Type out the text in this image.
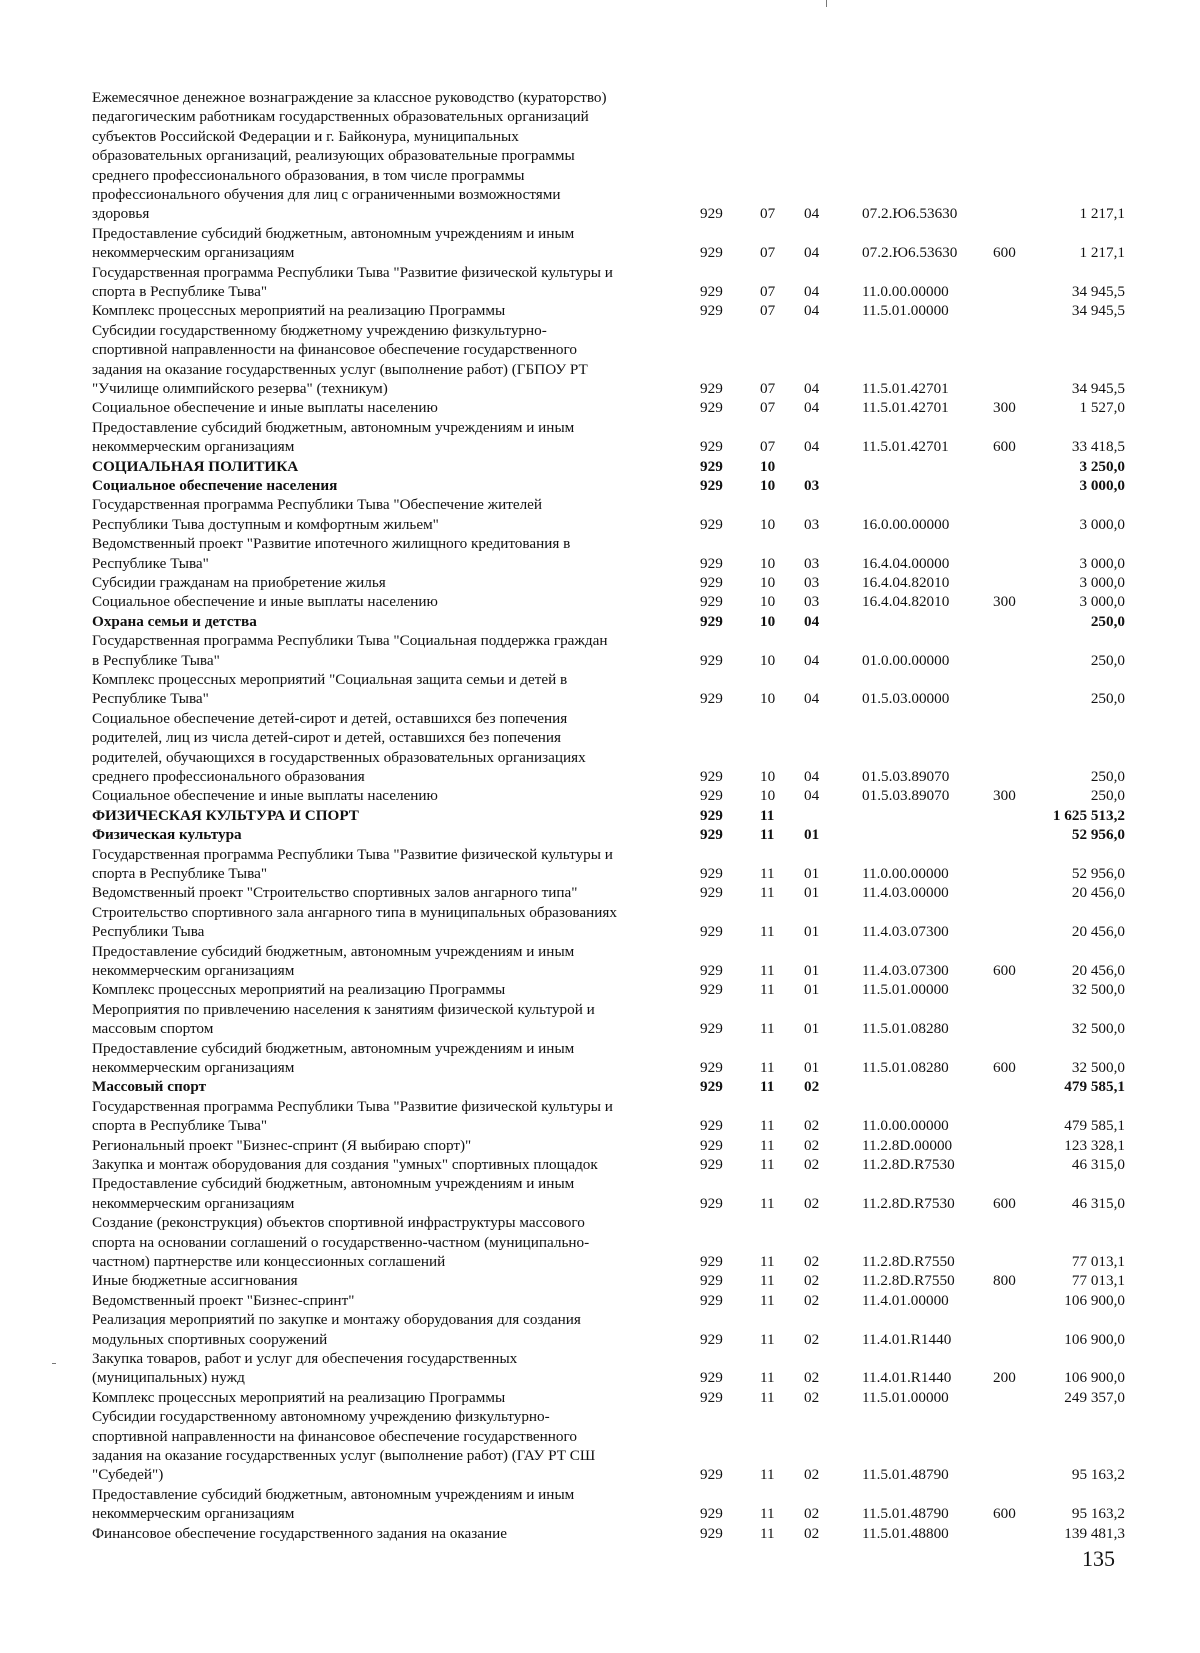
Ежемесячное денежное вознаграждение за классное руководство (кураторство)
педагогическим работникам государственных образовательных организаций
субъектов Российской Федерации и г. Байконура, муниципальных
образовательных организаций, реализующих образовательные программы
среднего профессионального образования, в том числе программы
профессионального обучения для лиц с ограниченными возможностями
здоровья	929 07 04	07.2.Ю6.53630	1 217,1
Предоставление субсидий бюджетным, автономным учреждениям и иным
некоммерческим организациям	929 07 04	07.2.Ю6.53630 600	1 217,1
Государственная программа Республики Тыва "Развитие физической культуры и
спорта в Республике Тыва"	929 07 04	11.0.00.00000	34 945,5
Комплекс процессных мероприятий на реализацию Программы	929 07 04	11.5.01.00000	34 945,5
Субсидии государственному бюджетному учреждению физкультурно-
спортивной направленности на финансовое обеспечение государственного
задания на оказание государственных услуг (выполнение работ) (ГБПОУ РТ
"Училище олимпийского резерва" (техникум)	929 07 04	11.5.01.42701	34 945,5
Социальное обеспечение и иные выплаты населению	929 07 04	11.5.01.42701	300	1 527,0
Предоставление субсидий бюджетным, автономным учреждениям и иным
некоммерческим организациям	929 07 04	11.5.01.42701	600	33 418,5
СОЦИАЛЬНАЯ ПОЛИТИКА	929 10	3 250,0
Социальное обеспечение населения	929 10 03	3 000,0
Государственная программа Республики Тыва "Обеспечение жителей
Республики Тыва доступным и комфортным жильем"	929 10 03	16.0.00.00000	3 000,0
Ведомственный проект "Развитие ипотечного жилищного кредитования в
Республике Тыва"	929 10 03	16.4.04.00000	3 000,0
Субсидии гражданам на приобретение жилья	929 10 03	16.4.04.82010	3 000,0
Социальное обеспечение и иные выплаты населению	929 10 03	16.4.04.82010	300	3 000,0
Охрана семьи и детства	929 10 04	250,0
Государственная программа Республики Тыва "Социальная поддержка граждан
в Республике Тыва"	929 10 04	01.0.00.00000	250,0
Комплекс процессных мероприятий "Социальная защита семьи и детей в
Республике Тыва"	929 10 04	01.5.03.00000	250,0
Социальное обеспечение детей-сирот и детей, оставшихся без попечения
родителей, лиц из числа детей-сирот и детей, оставшихся без попечения
родителей, обучающихся в государственных образовательных организациях
среднего профессионального образования	929 10 04	01.5.03.89070	250,0
Социальное обеспечение и иные выплаты населению	929 10 04	01.5.03.89070	300	250,0
ФИЗИЧЕСКАЯ КУЛЬТУРА И СПОРТ	929 11	1 625 513,2
Физическая культура	929 11 01	52 956,0
Государственная программа Республики Тыва "Развитие физической культуры и
спорта в Республике Тыва"	929 11 01	11.0.00.00000	52 956,0
Ведомственный проект "Строительство спортивных залов ангарного типа"	929 11 01	11.4.03.00000	20 456,0
Строительство спортивного зала ангарного типа в муниципальных образованиях
Республики Тыва	929 11 01	11.4.03.07300	20 456,0
Предоставление субсидий бюджетным, автономным учреждениям и иным
некоммерческим организациям	929 11 01	11.4.03.07300	600	20 456,0
Комплекс процессных мероприятий на реализацию Программы	929 11 01	11.5.01.00000	32 500,0
Мероприятия по привлечению населения к занятиям физической культурой и
массовым спортом	929 11 01	11.5.01.08280	32 500,0
Предоставление субсидий бюджетным, автономным учреждениям и иным
некоммерческим организациям	929 11 01	11.5.01.08280	600	32 500,0
Массовый спорт	929 11 02	479 585,1
Государственная программа Республики Тыва "Развитие физической культуры и
спорта в Республике Тыва"	929 11 02	11.0.00.00000	479 585,1
Региональный проект "Бизнес-спринт (Я выбираю спорт)"	929 11 02	11.2.8D.00000	123 328,1
Закупка и монтаж оборудования для создания "умных" спортивных площадок	929 11 02	11.2.8D.R7530	46 315,0
Предоставление субсидий бюджетным, автономным учреждениям и иным
некоммерческим организациям	929 11 02	11.2.8D.R7530	600	46 315,0
Создание (реконструкция) объектов спортивной инфраструктуры массового
спорта на основании соглашений о государственно-частном (муниципально-
частном) партнерстве или концессионных соглашений	929 11 02	11.2.8D.R7550	77 013,1
Иные бюджетные ассигнования	929 11 02	11.2.8D.R7550	800	77 013,1
Ведомственный проект "Бизнес-спринт"	929 11 02	11.4.01.00000	106 900,0
Реализация мероприятий по закупке и монтажу оборудования для создания
модульных спортивных сооружений	929 11 02	11.4.01.R1440	106 900,0
Закупка товаров, работ и услуг для обеспечения государственных
(муниципальных) нужд	929 11 02	11.4.01.R1440	200	106 900,0
Комплекс процессных мероприятий на реализацию Программы	929 11 02	11.5.01.00000	249 357,0
Субсидии государственному автономному учреждению физкультурно-
спортивной направленности на финансовое обеспечение государственного
задания на оказание государственных услуг (выполнение работ) (ГАУ РТ СШ
"Субедей")	929 11 02	11.5.01.48790	95 163,2
Предоставление субсидий бюджетным, автономным учреждениям и иным
некоммерческим организациям	929 11 02	11.5.01.48790	600	95 163,2
Финансовое обеспечение государственного задания на оказание	929 11 02	11.5.01.48800	139 481,3
135
